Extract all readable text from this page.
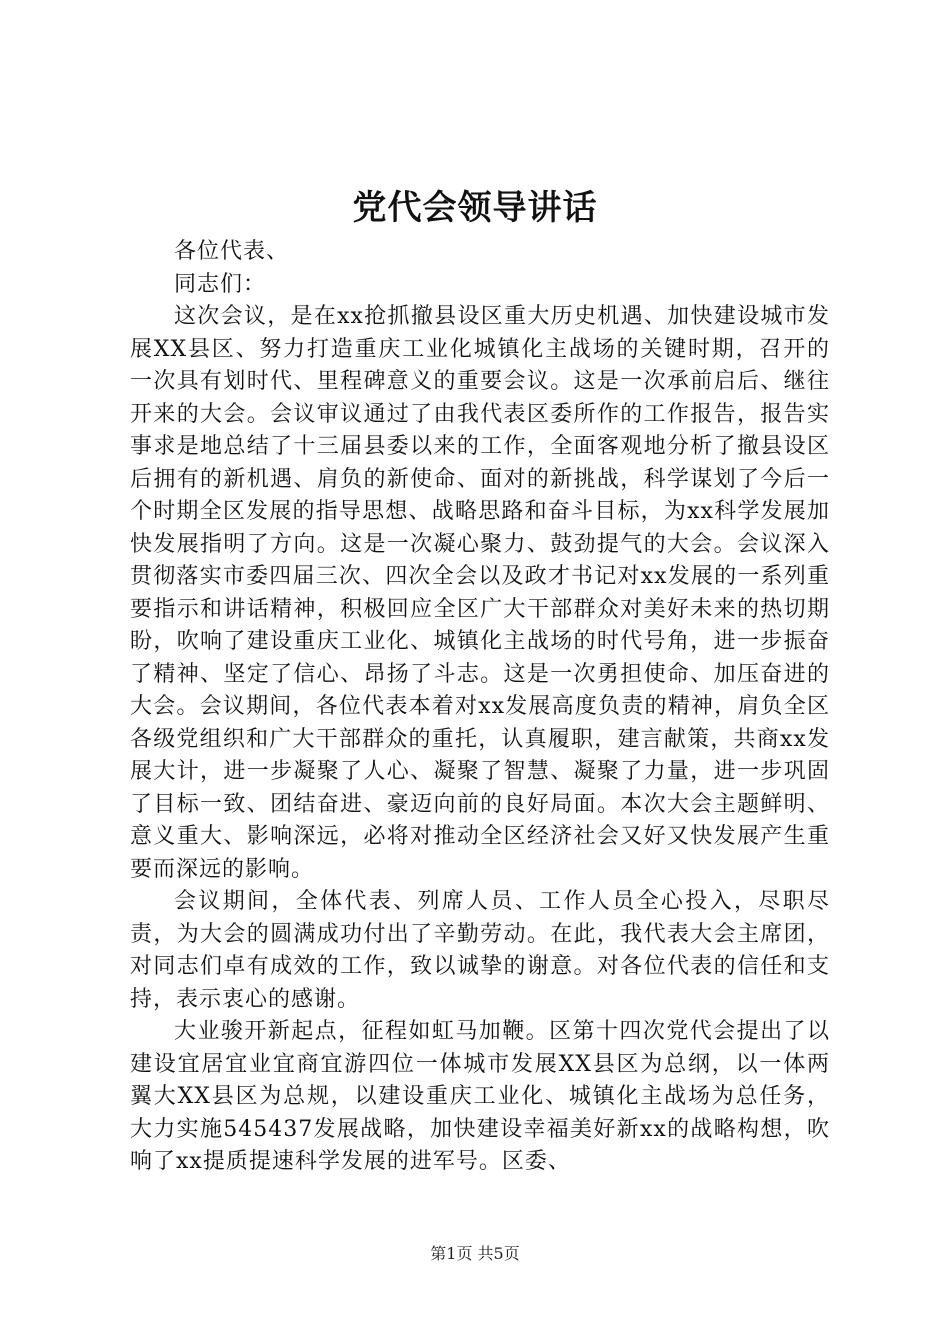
党代会领导讲话

各位代表、

同志们：

这次会议，是在xx抢抓撤县设区重大历史机遇、加快建设城市发展XX县区、努力打造重庆工业化城镇化主战场的关键时期，召开的一次具有划时代、里程碑意义的重要会议。这是一次承前启后、继往开来的大会。会议审议通过了由我代表区委所作的工作报告，报告实事求是地总结了十三届县委以来的工作，全面客观地分析了撤县设区后拥有的新机遇、肩负的新使命、面对的新挑战，科学谋划了今后一个时期全区发展的指导思想、战略思路和奋斗目标，为xx科学发展加快发展指明了方向。这是一次凝心聚力、鼓劲提气的大会。会议深入贯彻落实市委四届三次、四次全会以及政才书记对xx发展的一系列重要指示和讲话精神，积极回应全区广大干部群众对美好未来的热切期盼，吹响了建设重庆工业化、城镇化主战场的时代号角，进一步振奋了精神、坚定了信心、昂扬了斗志。这是一次勇担使命、加压奋进的大会。会议期间，各位代表本着对xx发展高度负责的精神，肩负全区各级党组织和广大干部群众的重托，认真履职，建言献策，共商xx发展大计，进一步凝聚了人心、凝聚了智慧、凝聚了力量，进一步巩固了目标一致、团结奋进、豪迈向前的良好局面。本次大会主题鲜明、意义重大、影响深远，必将对推动全区经济社会又好又快发展产生重要而深远的影响。

会议期间，全体代表、列席人员、工作人员全心投入，尽职尽责，为大会的圆满成功付出了辛勤劳动。在此，我代表大会主席团，对同志们卓有成效的工作，致以诚挚的谢意。对各位代表的信任和支持，表示衷心的感谢。

大业骏开新起点，征程如虹马加鞭。区第十四次党代会提出了以建设宜居宜业宜商宜游四位一体城市发展XX县区为总纲，以一体两翼大XX县区为总规，以建设重庆工业化、城镇化主战场为总任务，大力实施545437发展战略，加快建设幸福美好新xx的战略构想，吹响了xx提质提速科学发展的进军号。区委、

第1页 共5页
